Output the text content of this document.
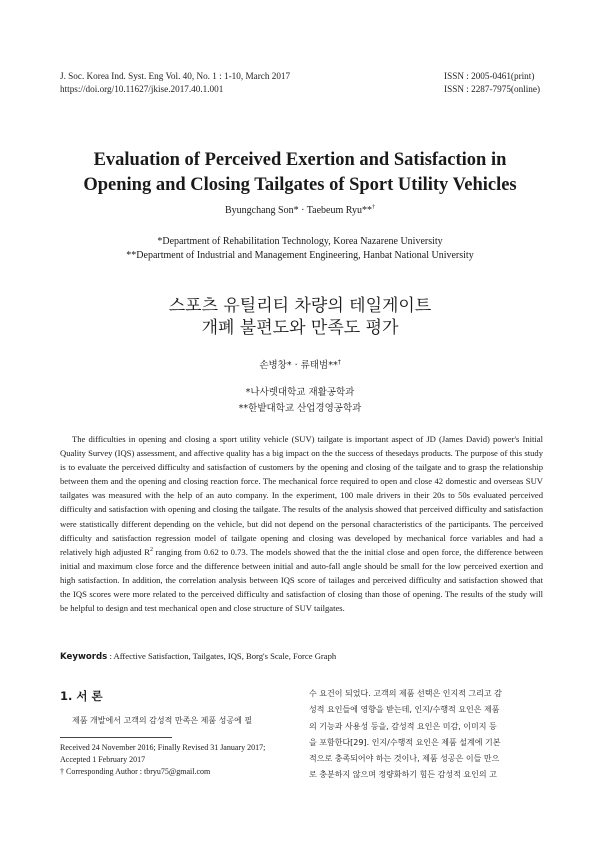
J. Soc. Korea Ind. Syst. Eng Vol. 40, No. 1 : 1-10, March 2017
https://doi.org/10.11627/jkise.2017.40.1.001
ISSN : 2005-0461(print)
ISSN : 2287-7975(online)
Evaluation of Perceived Exertion and Satisfaction in
Opening and Closing Tailgates of Sport Utility Vehicles
Byungchang Son* · Taebeum Ryu**†
*Department of Rehabilitation Technology, Korea Nazarene University
**Department of Industrial and Management Engineering, Hanbat National University
스포츠 유틸리티 차량의 테일게이트
개폐 불편도와 만족도 평가
손병창* · 류태범**†
*나사렛대학교 재활공학과
**한밭대학교 산업경영공학과
The difficulties in opening and closing a sport utility vehicle (SUV) tailgate is important aspect of JD (James David) power's Initial Quality Survey (IQS) assessment, and affective quality has a big impact on the the success of thesedays products. The purpose of this study is to evaluate the perceived difficulty and satisfaction of customers by the opening and closing of the tailgate and to grasp the relationship between them and the opening and closing reaction force. The mechanical force required to open and close 42 domestic and overseas SUV tailgates was measured with the help of an auto company. In the experiment, 100 male drivers in their 20s to 50s evaluated perceived difficulty and satisfaction with opening and closing the tailgate. The results of the analysis showed that perceived difficulty and satisfaction were statistically different depending on the vehicle, but did not depend on the personal characteristics of the participants. The perceived difficulty and satisfaction regression model of tailgate opening and closing was developed by mechanical force variables and had a relatively high adjusted $R^2$ ranging from 0.62 to 0.73. The models showed that the the initial close and open force, the difference between initial and maximum close force and the difference between initial and auto-fall angle should be small for the low perceived exertion and high satisfaction. In addition, the correlation analysis between IQS score of tailages and perceived difficulty and satisfaction showed that the IQS scores were more related to the perceived difficulty and satisfaction of closing than those of opening. The results of the study will be helpful to design and test mechanical open and close structure of SUV tailgates.
Keywords : Affective Satisfaction, Tailgates, IQS, Borg's Scale, Force Graph
1. 서 론
제품 개발에서 고객의 감성적 만족은 제품 성공에 필
Received 24 November 2016; Finally Revised 31 January 2017;
Accepted 1 February 2017
† Corresponding Author : tbryu75@gmail.com
수 요건이 되었다. 고객의 제품 선택은 인지적 그리고 감
성적 요인들에 영향을 받는데, 인지/수행적 요인은 제품
의 기능과 사용성 등을, 감성적 요인은 미감, 이미지 등
을 포함한다[29]. 인지/수행적 요인은 제품 설계에 기본
적으로 충족되어야 하는 것이나, 제품 성공은 이들 만으
로 충분하지 않으며 정량화하기 힘든 감성적 요인의 고
